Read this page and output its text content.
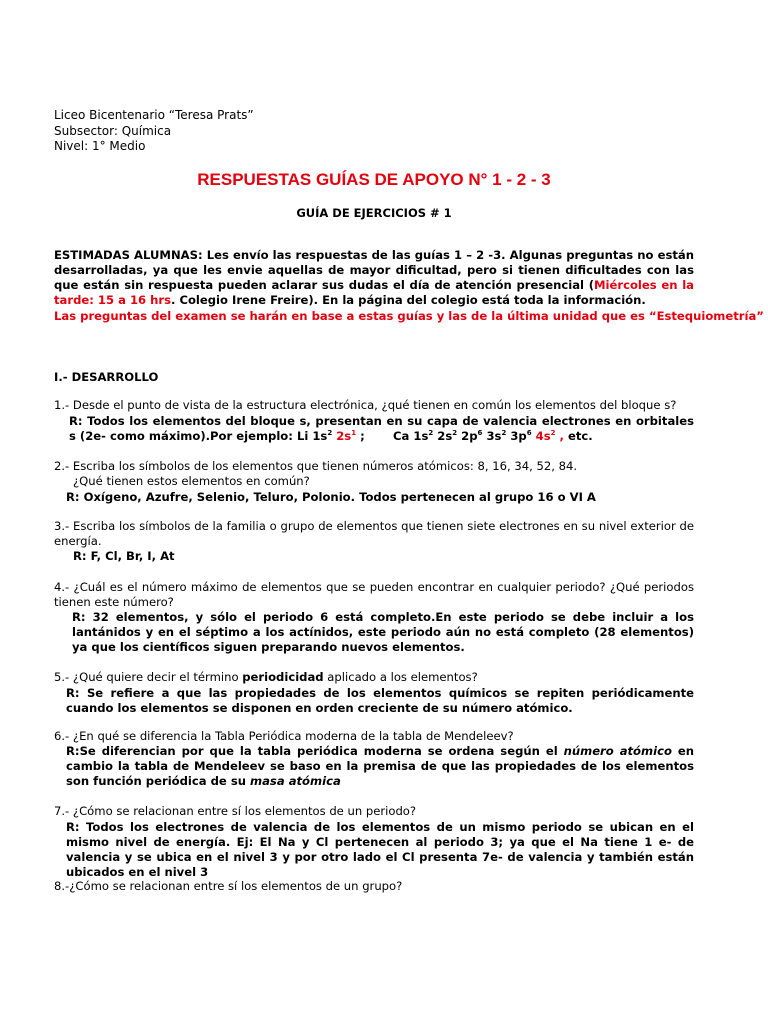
Liceo Bicentenario “Teresa Prats”
Subsector: Química
Nivel: 1° Medio
RESPUESTAS GUÍAS DE APOYO N° 1 - 2 - 3
GUÍA DE EJERCICIOS # 1
ESTIMADAS ALUMNAS: Les envío las respuestas de las guías 1 – 2 -3. Algunas preguntas no están desarrolladas, ya que les envie aquellas de mayor dificultad, pero si tienen dificultades con las que están sin respuesta pueden aclarar sus dudas el día de atención presencial (Miércoles en la tarde: 15 a 16 hrs. Colegio Irene Freire). En la página del colegio está toda la información.
Las preguntas del examen se harán en base a estas guías y las de la última unidad que es “Estequiometría”
I.- DESARROLLO
1.- Desde el punto de vista de la estructura electrónica, ¿qué tienen en común los elementos del bloque s?
R: Todos los elementos del bloque s, presentan en su capa de valencia electrones en orbitales s (2e- como máximo).Por ejemplo: Li $1s^2$ $2s^1$ ; Ca $1s^2$ $2s^2$ $2p^6$ $3s^2$ $3p^6$ $4s^2$ , etc.
2.- Escriba los símbolos de los elementos que tienen números atómicos: 8, 16, 34, 52, 84.
¿Qué tienen estos elementos en común?
R: Oxígeno, Azufre, Selenio, Teluro, Polonio. Todos pertenecen al grupo 16 o VI A
3.- Escriba los símbolos de la familia o grupo de elementos que tienen siete electrones en su nivel exterior de energía.
R: F, Cl, Br, I, At
4.- ¿Cuál es el número máximo de elementos que se pueden encontrar en cualquier periodo? ¿Qué periodos tienen este número?
R: 32 elementos, y sólo el periodo 6 está completo.En este periodo se debe incluir a los lantánidos y en el séptimo a los actínidos, este periodo aún no está completo (28 elementos) ya que los científicos siguen preparando nuevos elementos.
5.- ¿Qué quiere decir el término periodicidad aplicado a los elementos?
R: Se refiere a que las propiedades de los elementos químicos se repiten periódicamente cuando los elementos se disponen en orden creciente de su número atómico.
6.- ¿En qué se diferencia la Tabla Periódica moderna de la tabla de Mendeleev?
R:Se diferencian por que la tabla periódica moderna se ordena según el número atómico en cambio la tabla de Mendeleev se baso en la premisa de que las propiedades de los elementos son función periódica de su masa atómica
7.- ¿Cómo se relacionan entre sí los elementos de un periodo?
R: Todos los electrones de valencia de los elementos de un mismo periodo se ubican en el mismo nivel de energía. Ej: El Na y Cl pertenecen al periodo 3; ya que el Na tiene 1 e- de valencia y se ubica en el nivel 3 y por otro lado el Cl presenta 7e- de valencia y también están ubicados en el nivel 3
8.-¿Cómo se relacionan entre sí los elementos de un grupo?
